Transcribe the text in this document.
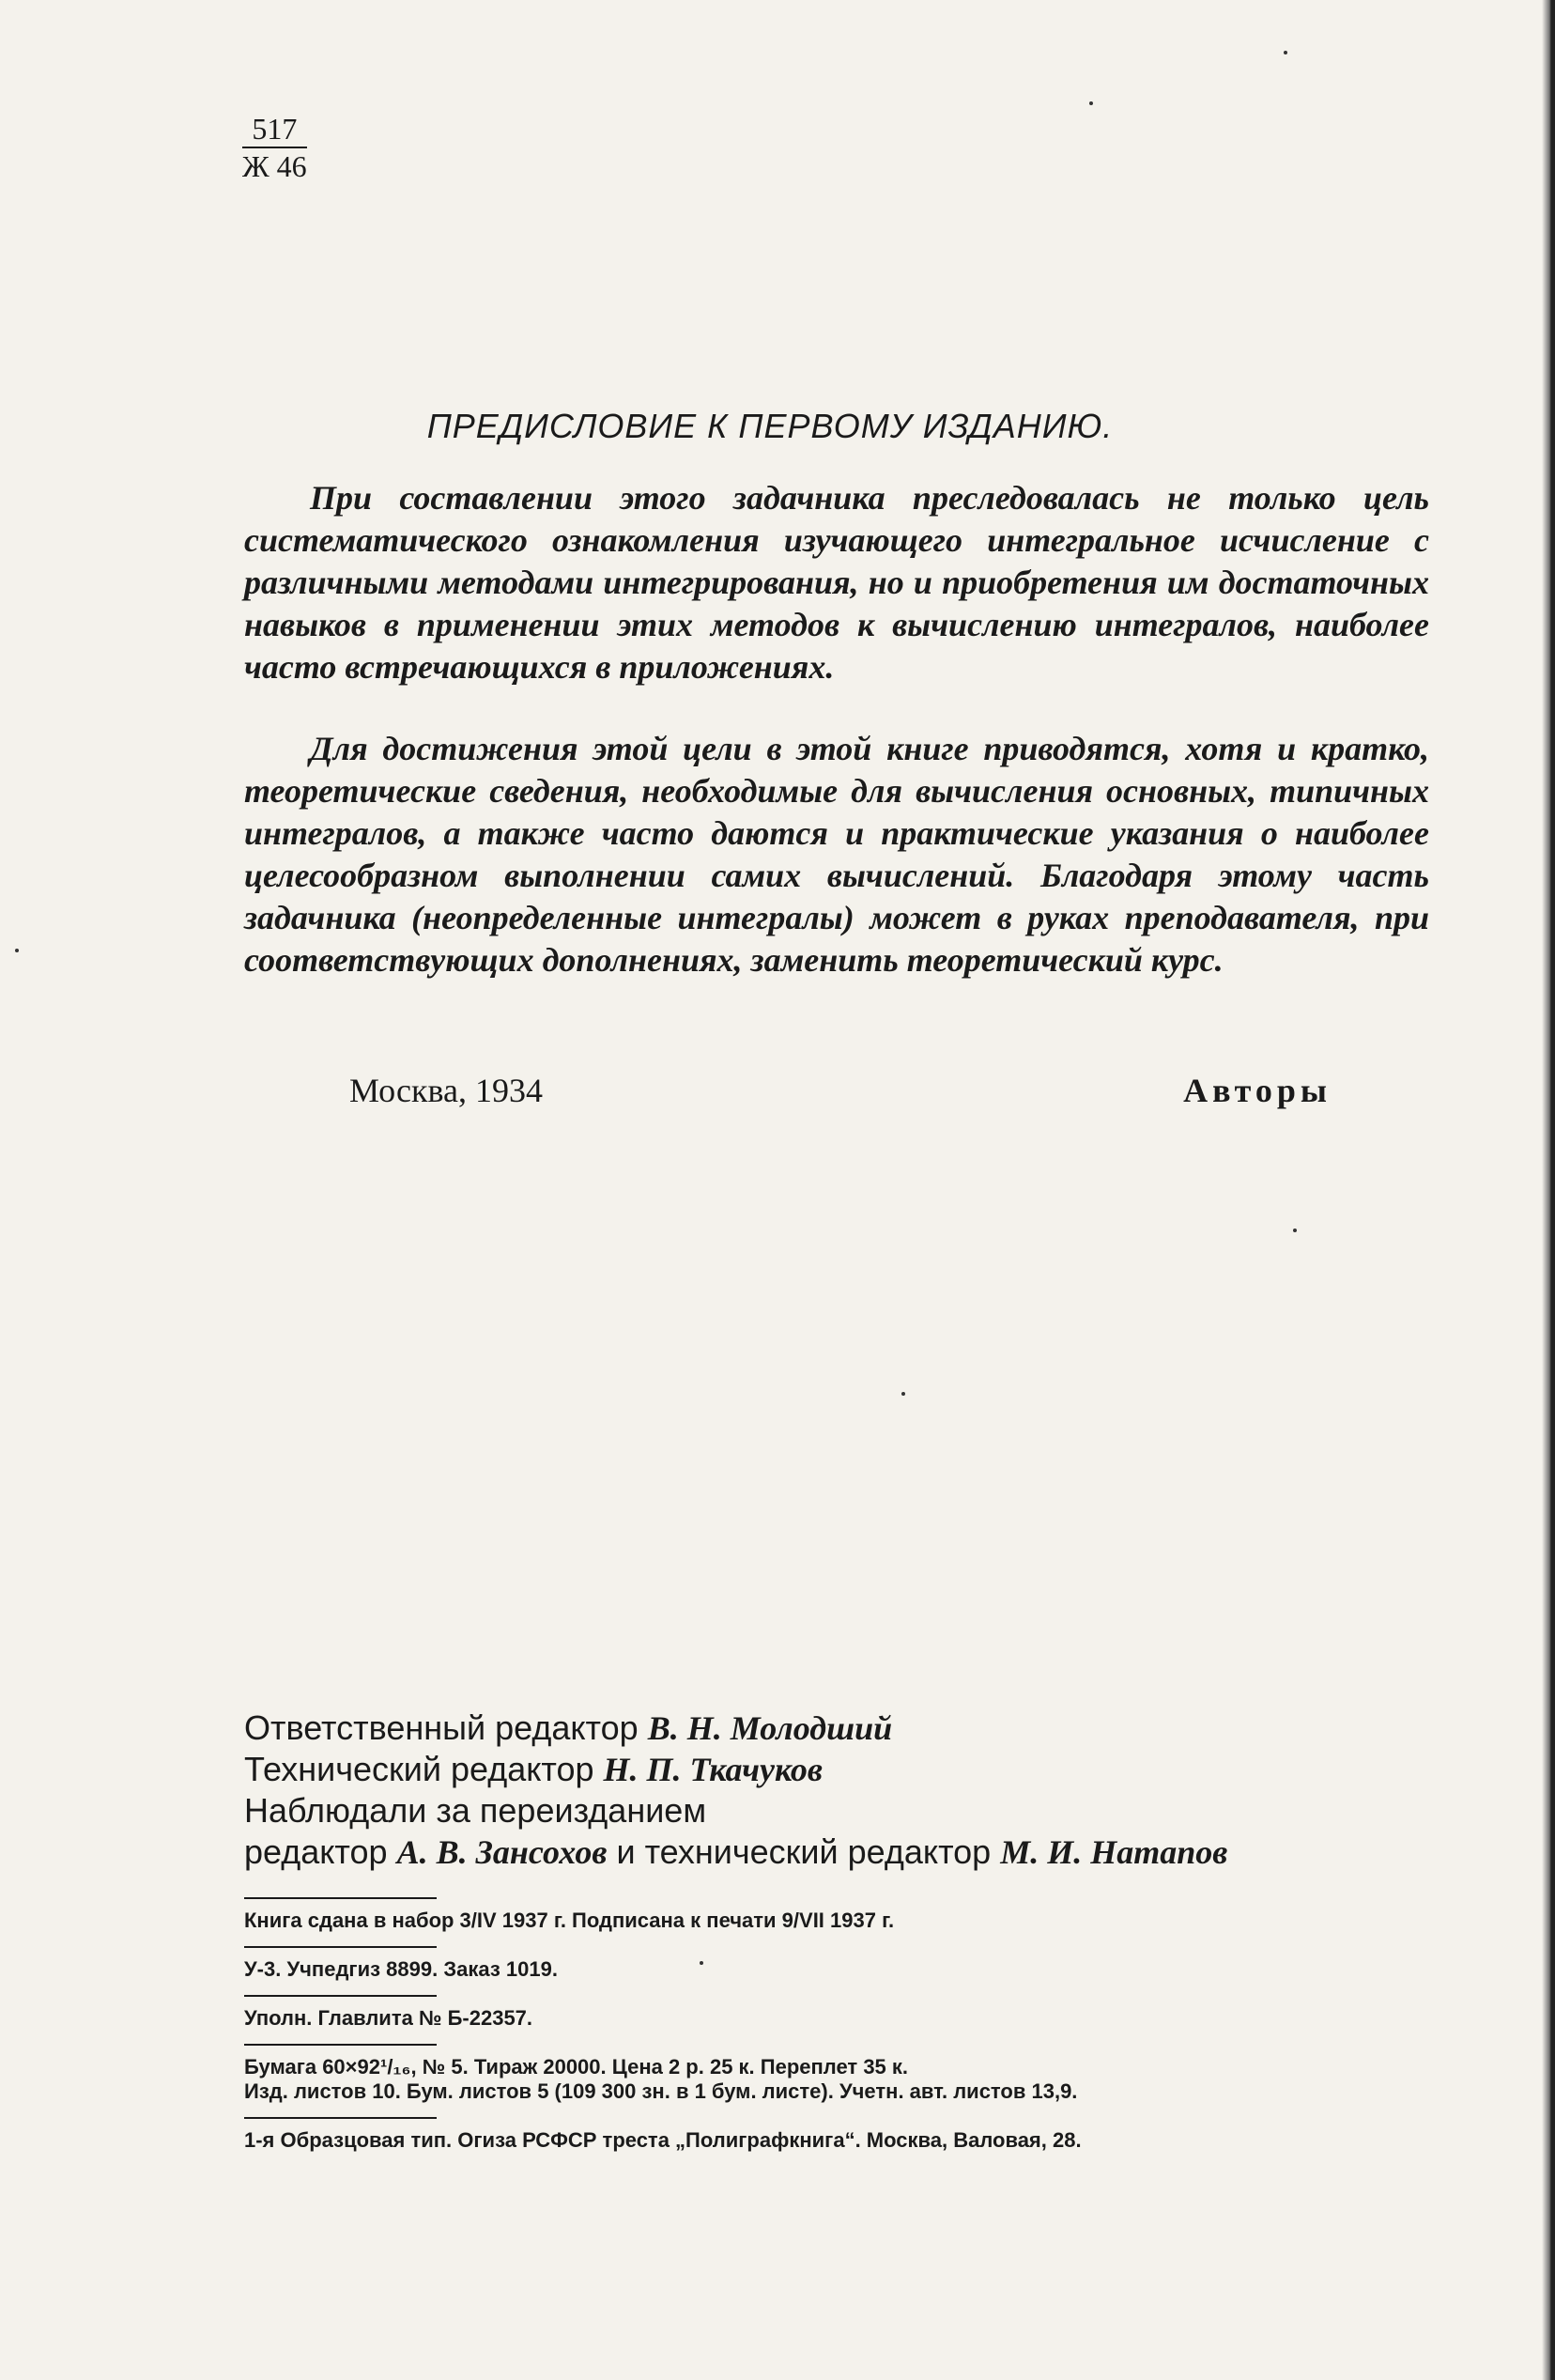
517
Ж 46
ПРЕДИСЛОВИЕ К ПЕРВОМУ ИЗДАНИЮ.

При составлении этого задачника преследовалась не только цель систематического ознакомления изучающего интегральное исчисление с различными методами интегрирования, но и приобретения им достаточных навыков в применении этих методов к вычислению интегралов, наиболее часто встречающихся в приложениях.

Для достижения этой цели в этой книге приводятся, хотя и кратко, теоретические сведения, необходимые для вычисления основных, типичных интегралов, а также часто даются и практические указания о наиболее целесообразном выполнении самих вычислений. Благодаря этому часть задачника (неопределенные интегралы) может в руках преподавателя, при соответствующих дополнениях, заменить теоретический курс.

Москва, 1934	Авторы
Ответственный редактор В. Н. Молодший
Технический редактор Н. П. Ткачуков
Наблюдали за переизданием
редактор А. В. Зансохов и технический редактор М. И. Натапов
Книга сдана в набор 3/IV 1937 г. Подписана к печати 9/VII 1937 г.
У-3. Учпедгиз 8899. Заказ 1019.
Уполн. Главлита № Б-22357.
Бумага 60×92¹/₁₆, № 5. Тираж 20000. Цена 2 р. 25 к. Переплет 35 к.
Изд. листов 10. Бум. листов 5 (109 300 зн. в 1 бум. листе). Учетн. авт. листов 13,9.
1-я Образцовая тип. Огиза РСФСР треста „Полиграфкнига“. Москва, Валовая, 28.
